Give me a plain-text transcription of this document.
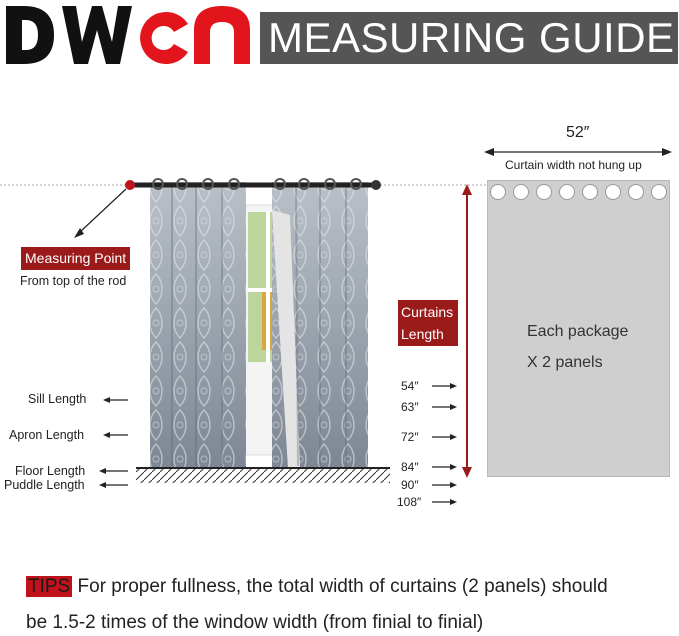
MEASURING GUIDE
Measuring Point
From top of the rod
Sill Length
Apron Length
Floor Length
Puddle Length
Curtains
Length
54″
63″
72″
84″
90″
108″
52″
Curtain width not hung up
Each package
X 2 panels
TIPS For proper fullness, the total width of curtains (2 panels) should
be 1.5-2 times of the window width (from finial to finial)
